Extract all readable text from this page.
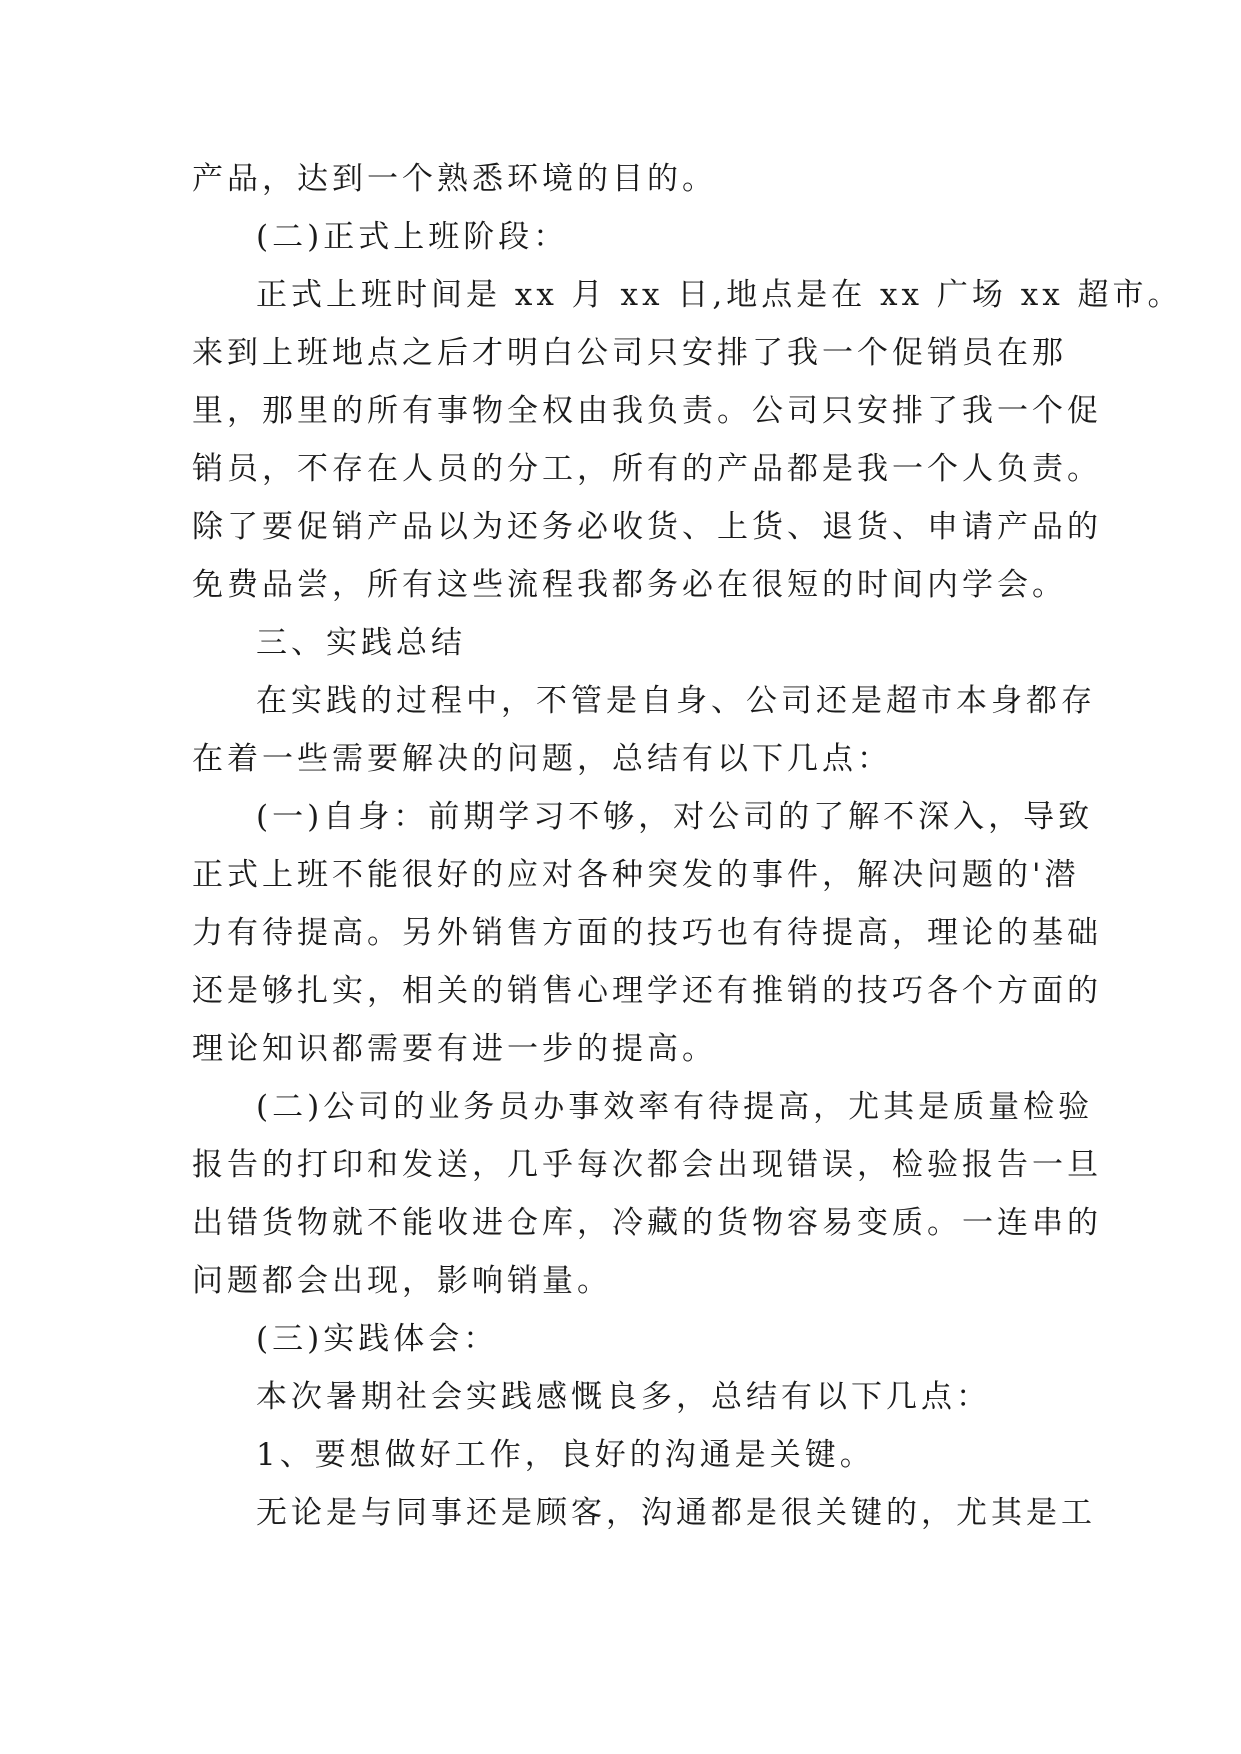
产品，达到一个熟悉环境的目的。

(二)正式上班阶段：

正式上班时间是 xx 月 xx 日,地点是在 xx 广场 xx 超市。

来到上班地点之后才明白公司只安排了我一个促销员在那

里，那里的所有事物全权由我负责。公司只安排了我一个促

销员，不存在人员的分工，所有的产品都是我一个人负责。

除了要促销产品以为还务必收货、上货、退货、申请产品的

免费品尝，所有这些流程我都务必在很短的时间内学会。

三、实践总结

在实践的过程中，不管是自身、公司还是超市本身都存

在着一些需要解决的问题，总结有以下几点：

(一)自身：前期学习不够，对公司的了解不深入，导致

正式上班不能很好的应对各种突发的事件，解决问题的'潜

力有待提高。另外销售方面的技巧也有待提高，理论的基础

还是够扎实，相关的销售心理学还有推销的技巧各个方面的

理论知识都需要有进一步的提高。

(二)公司的业务员办事效率有待提高，尤其是质量检验

报告的打印和发送，几乎每次都会出现错误，检验报告一旦

出错货物就不能收进仓库，冷藏的货物容易变质。一连串的

问题都会出现，影响销量。

(三)实践体会：

本次暑期社会实践感慨良多，总结有以下几点：

1、要想做好工作，良好的沟通是关键。

无论是与同事还是顾客，沟通都是很关键的，尤其是工
